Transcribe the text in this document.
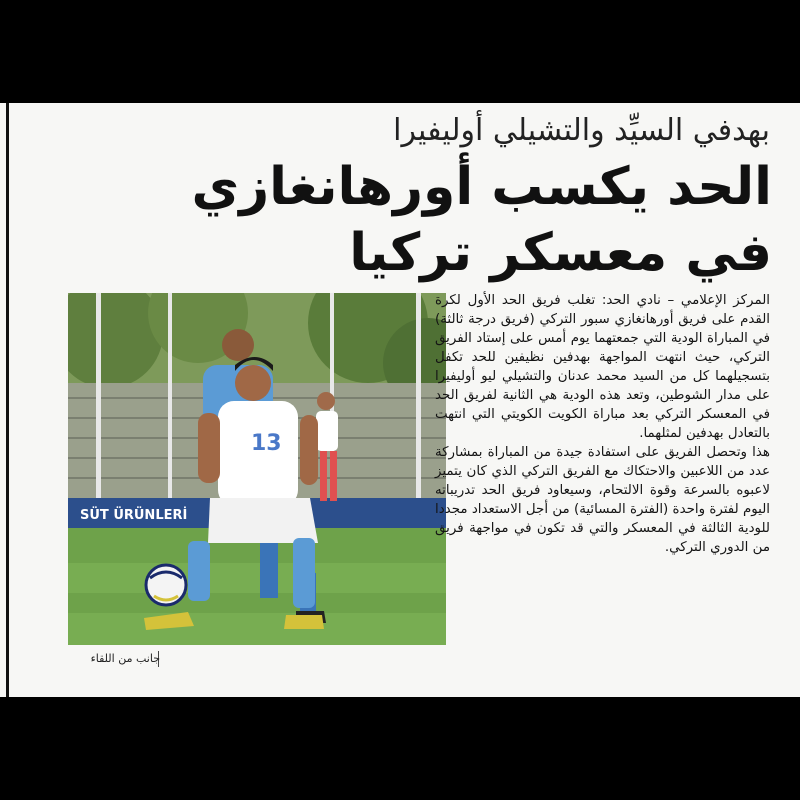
بهدفي السيِّد والتشيلي أوليفيرا
الحد يكسب أورهانغازي
في معسكر تركيا
SÜT ÜRÜNLERİ
13
جانب من اللقاء

المركز الإعلامي – نادي الحد: تغلب فريق الحد الأول لكرة القدم على فريق أورهانغازي سبور التركي (فريق درجة ثالثة) في المباراة الودية التي جمعتهما يوم أمس على إستاد الفريق التركي، حيث انتهت المواجهة بهدفين نظيفين للحد تكفل بتسجيلهما كل من السيد محمد عدنان والتشيلي ليو أوليفيرا على مدار الشوطين، وتعد هذه الودية هي الثانية لفريق الحد في المعسكر التركي بعد مباراة الكويت الكويتي التي انتهت بالتعادل بهدفين لمثلهما.

هذا وتحصل الفريق على استفادة جيدة من المباراة بمشاركة عدد من اللاعبين والاحتكاك مع الفريق التركي الذي كان يتميز لاعبوه بالسرعة وقوة الالتحام، وسيعاود فريق الحد تدريباته اليوم لفترة واحدة (الفترة المسائية) من أجل الاستعداد مجددا للودية الثالثة في المعسكر والتي قد تكون في مواجهة فريق من الدوري التركي.
